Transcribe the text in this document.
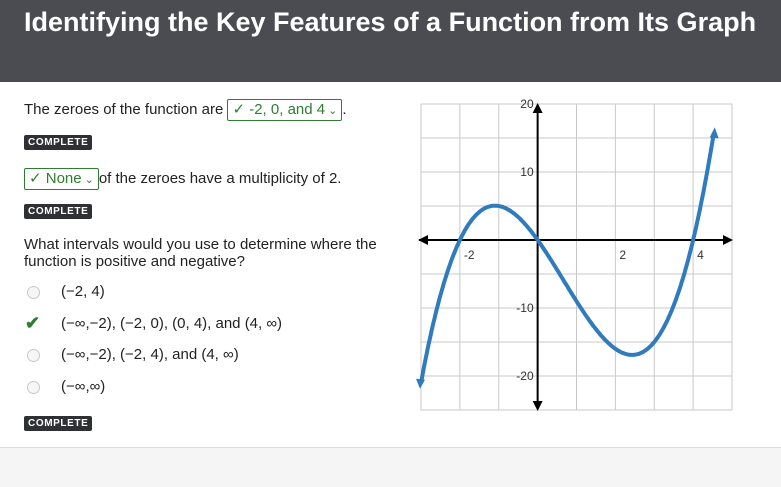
Identifying the Key Features of a Function from Its Graph
The zeroes of the function are ✓ -2, 0, and 4 ⌄ .
COMPLETE
✓ None ⌄ of the zeroes have a multiplicity of 2.
COMPLETE
What intervals would you use to determine where the function is positive and negative?
(−2, 4)
✔ (−∞,−2), (−2, 0), (0, 4), and (4, ∞)
(−∞,−2), (−2, 4), and (4, ∞)
(−∞,∞)
COMPLETE
-2	2	4
20
10
-10
-20
